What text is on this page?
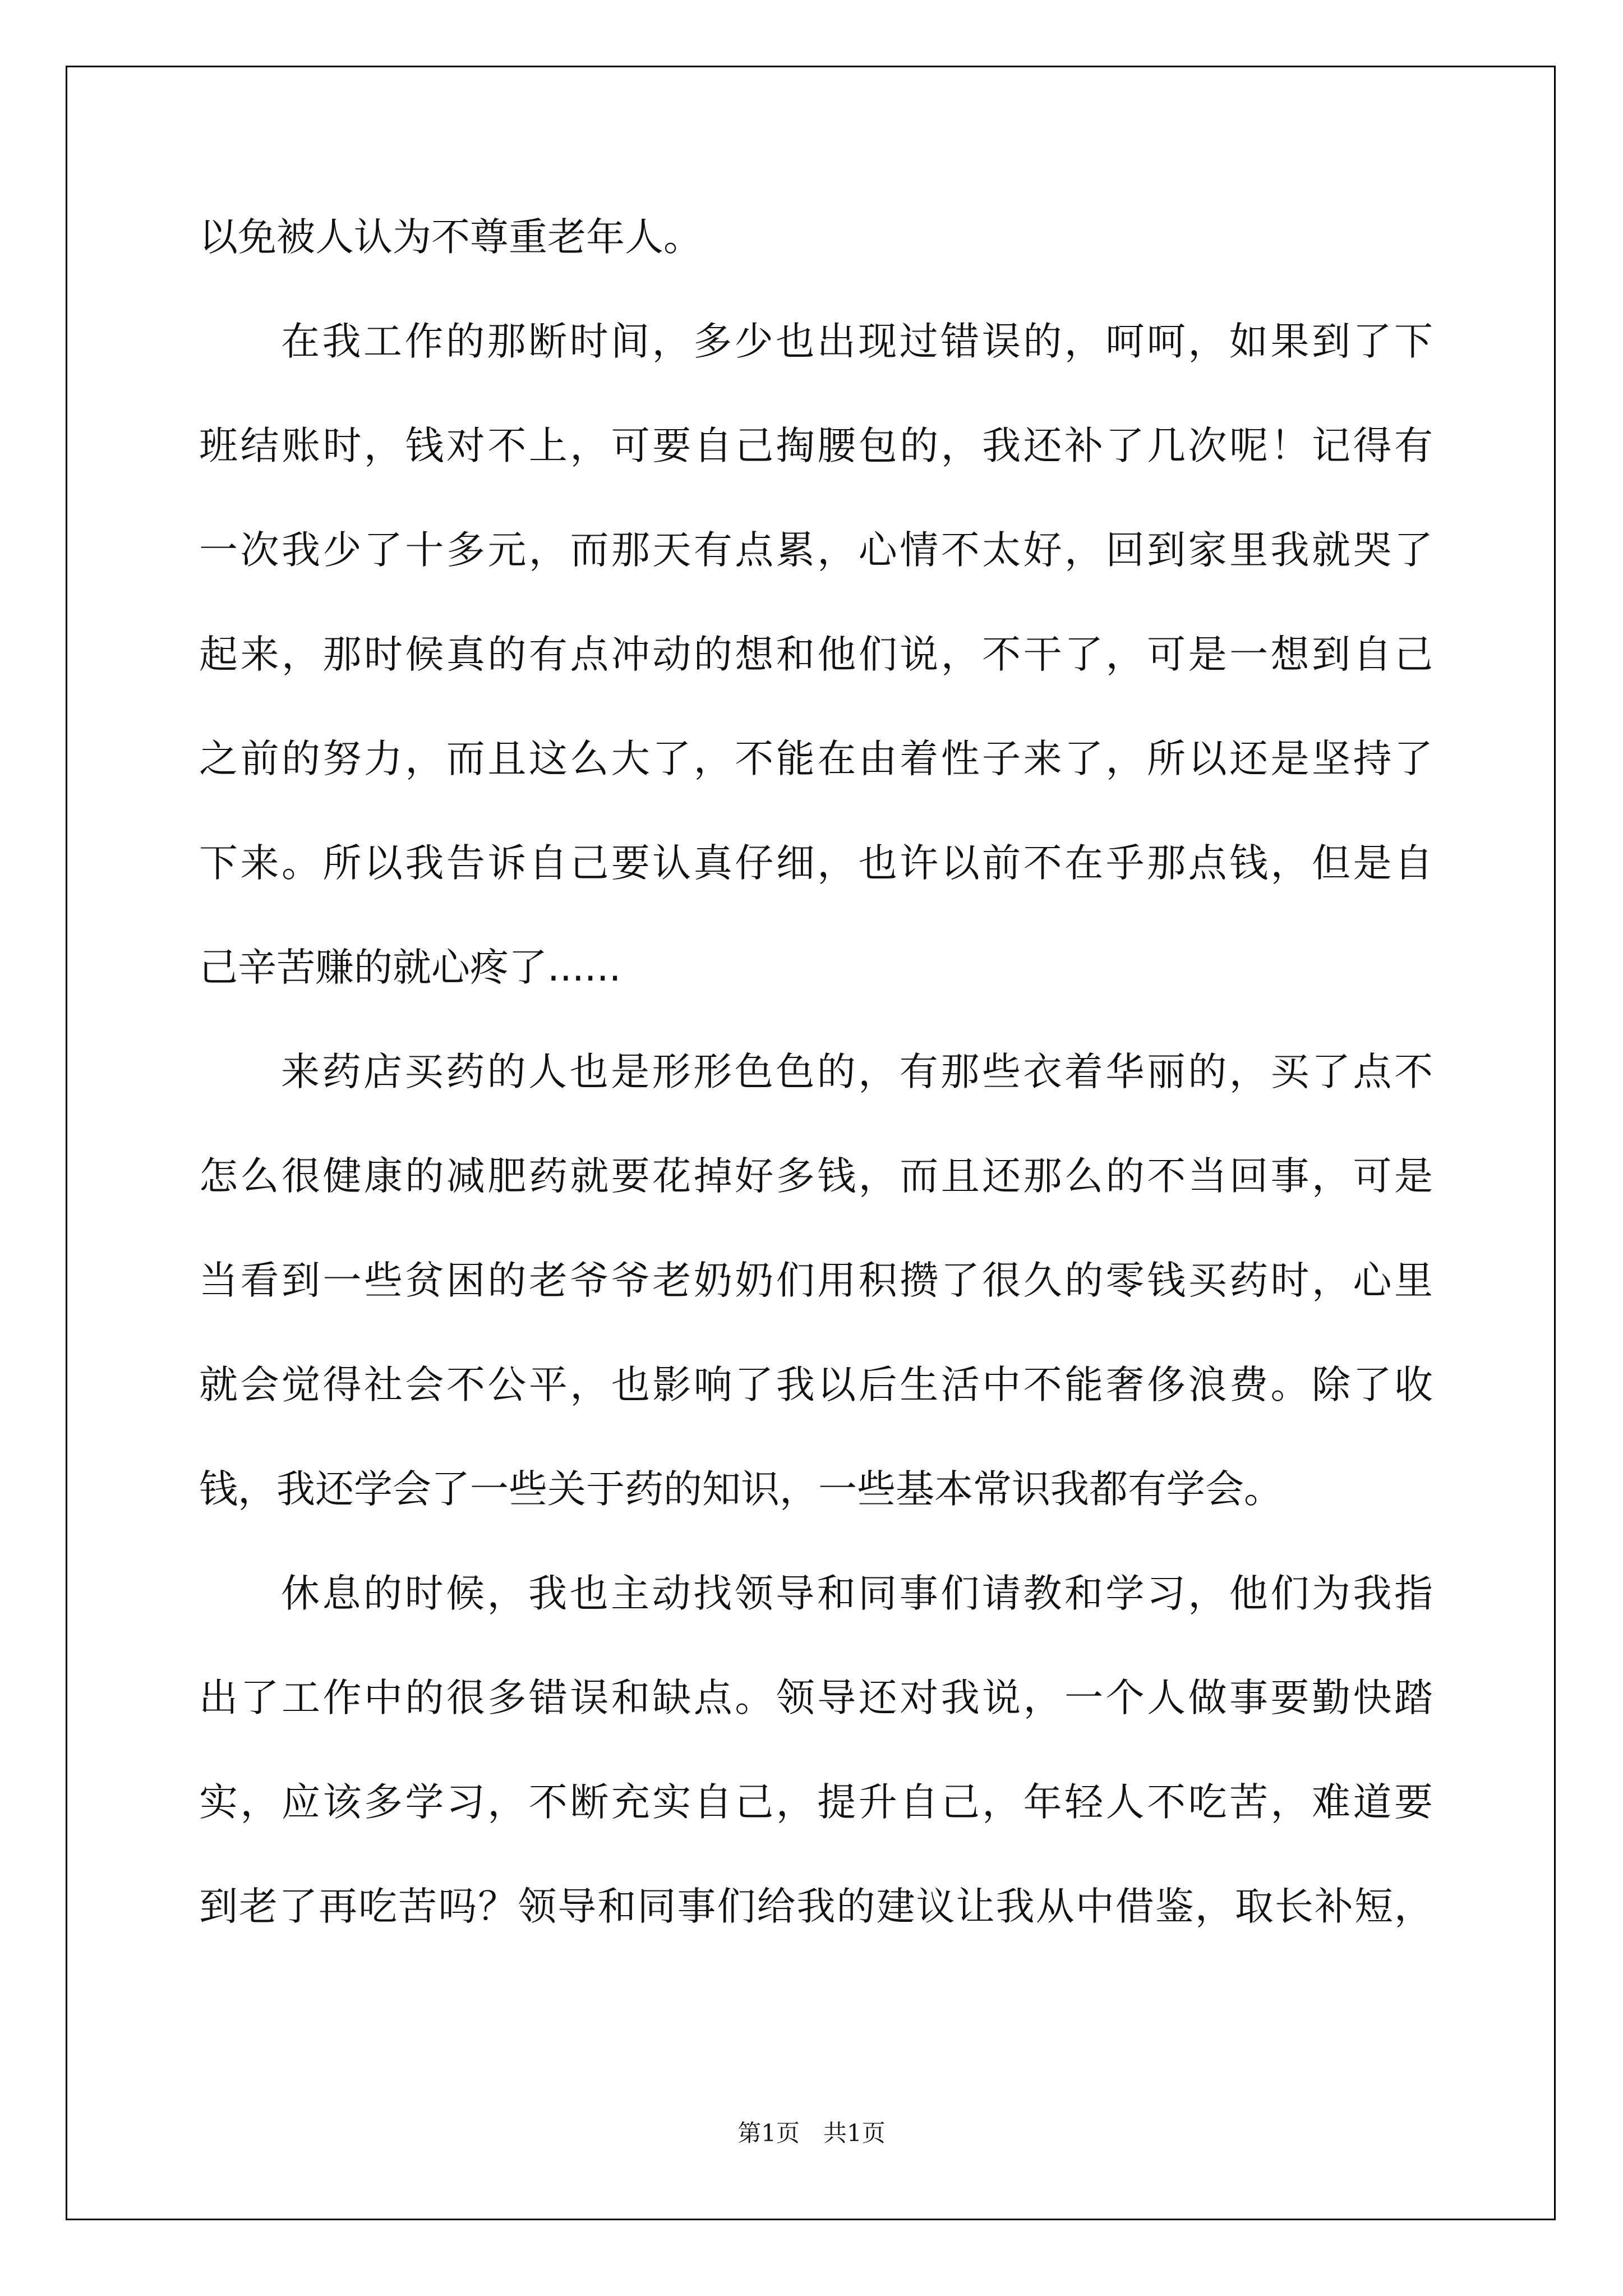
以免被人认为不尊重老年人。
在我工作的那断时间，多少也出现过错误的，呵呵，如果到了下
班结账时，钱对不上，可要自己掏腰包的，我还补了几次呢！记得有
一次我少了十多元，而那天有点累，心情不太好，回到家里我就哭了
起来，那时候真的有点冲动的想和他们说，不干了，可是一想到自己
之前的努力，而且这么大了，不能在由着性子来了，所以还是坚持了
下来。所以我告诉自己要认真仔细，也许以前不在乎那点钱，但是自
己辛苦赚的就心疼了......
来药店买药的人也是形形色色的，有那些衣着华丽的，买了点不
怎么很健康的减肥药就要花掉好多钱，而且还那么的不当回事，可是
当看到一些贫困的老爷爷老奶奶们用积攒了很久的零钱买药时，心里
就会觉得社会不公平，也影响了我以后生活中不能奢侈浪费。除了收
钱，我还学会了一些关于药的知识，一些基本常识我都有学会。
休息的时候，我也主动找领导和同事们请教和学习，他们为我指
出了工作中的很多错误和缺点。领导还对我说，一个人做事要勤快踏
实，应该多学习，不断充实自己，提升自己，年轻人不吃苦，难道要
到老了再吃苦吗？领导和同事们给我的建议让我从中借鉴，取长补短，
第1页　共1页
